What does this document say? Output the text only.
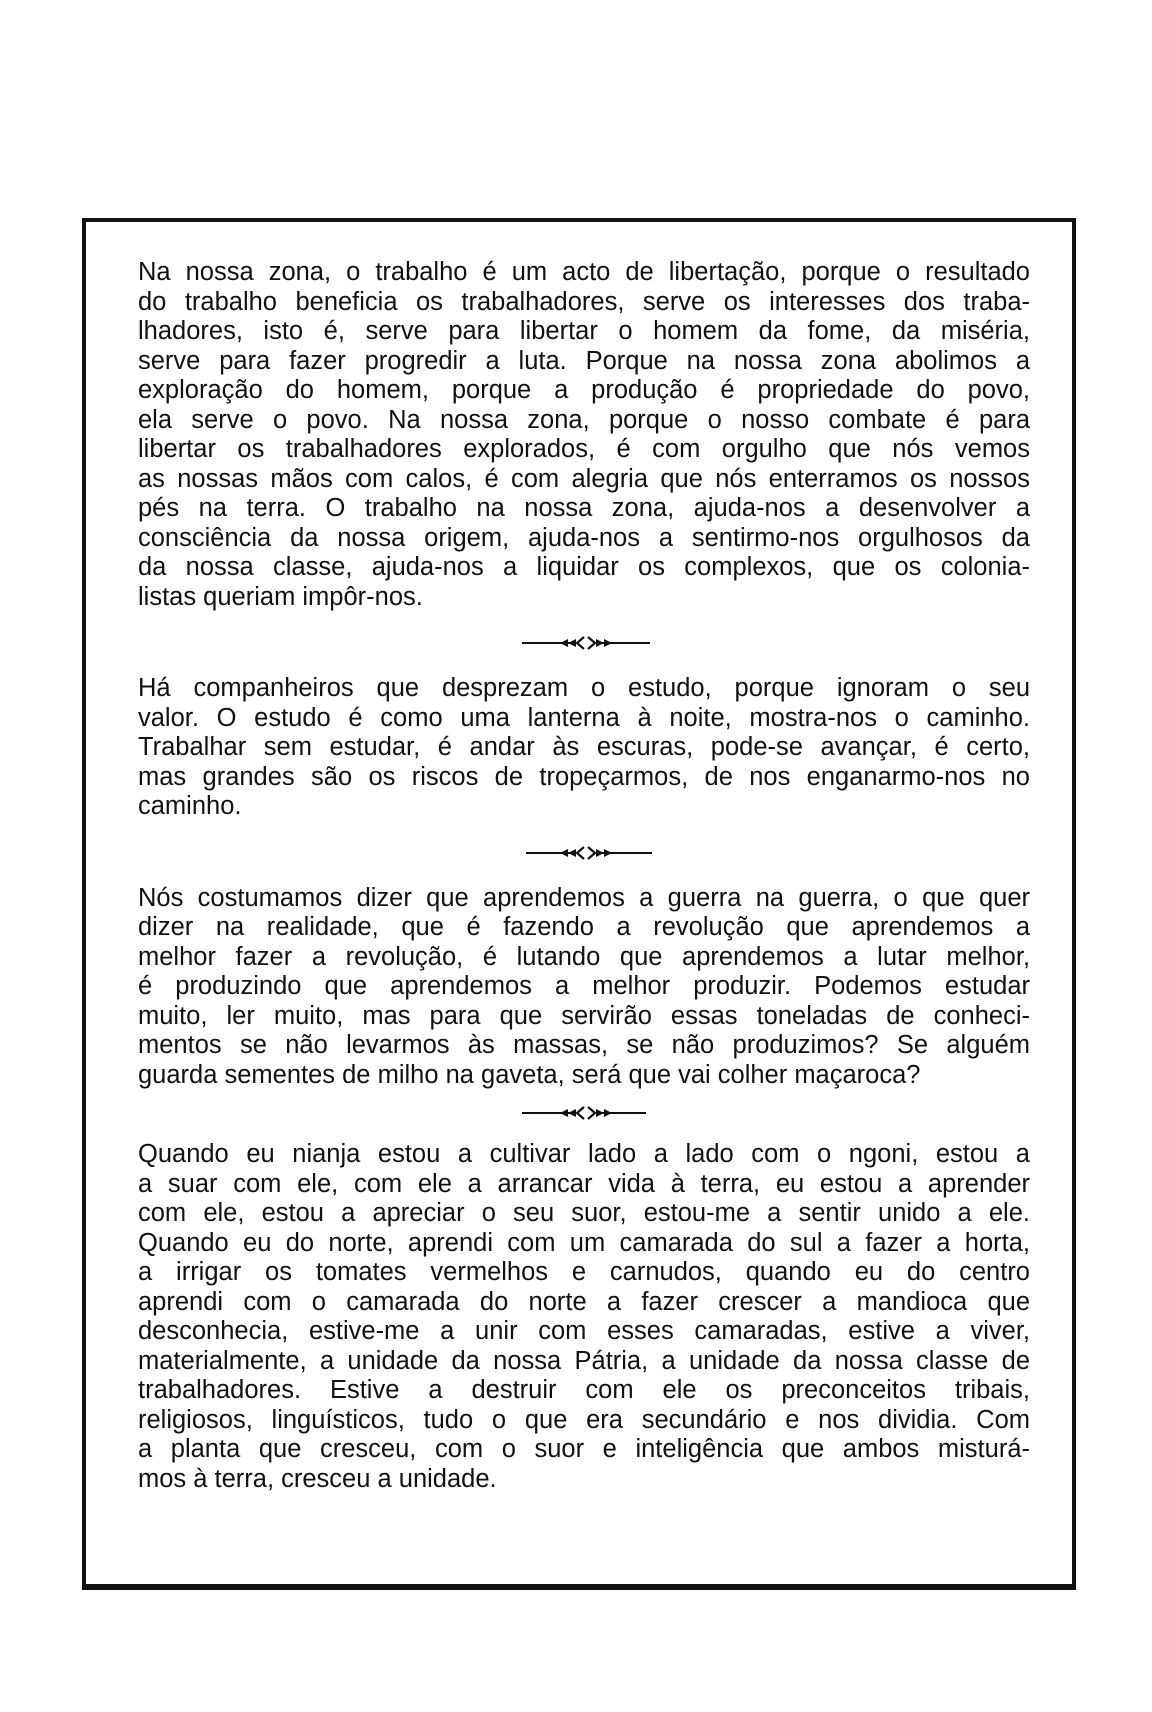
Na nossa zona, o trabalho é um acto de libertação, porque o resultado
do trabalho beneficia os trabalhadores, serve os interesses dos traba-
lhadores, isto é, serve para libertar o homem da fome, da miséria,
serve para fazer progredir a luta. Porque na nossa zona abolimos a
exploração do homem, porque a produção é propriedade do povo,
ela serve o povo. Na nossa zona, porque o nosso combate é para
libertar os trabalhadores explorados, é com orgulho que nós vemos
as nossas mãos com calos, é com alegria que nós enterramos os nossos
pés na terra. O trabalho na nossa zona, ajuda-nos a desenvolver a
consciência da nossa origem, ajuda-nos a sentirmo-nos orgulhosos da
da nossa classe, ajuda-nos a liquidar os complexos, que os colonia-
listas queriam impôr-nos.
Há companheiros que desprezam o estudo, porque ignoram o seu
valor. O estudo é como uma lanterna à noite, mostra-nos o caminho.
Trabalhar sem estudar, é andar às escuras, pode-se avançar, é certo,
mas grandes são os riscos de tropeçarmos, de nos enganarmo-nos no
caminho.
Nós costumamos dizer que aprendemos a guerra na guerra, o que quer
dizer na realidade, que é fazendo a revolução que aprendemos a
melhor fazer a revolução, é lutando que aprendemos a lutar melhor,
é produzindo que aprendemos a melhor produzir. Podemos estudar
muito, ler muito, mas para que servirão essas toneladas de conheci-
mentos se não levarmos às massas, se não produzimos? Se alguém
guarda sementes de milho na gaveta, será que vai colher maçaroca?
Quando eu nianja estou a cultivar lado a lado com o ngoni, estou a
a suar com ele, com ele a arrancar vida à terra, eu estou a aprender
com ele, estou a apreciar o seu suor, estou-me a sentir unido a ele.
Quando eu do norte, aprendi com um camarada do sul a fazer a horta,
a irrigar os tomates vermelhos e carnudos, quando eu do centro
aprendi com o camarada do norte a fazer crescer a mandioca que
desconhecia, estive-me a unir com esses camaradas, estive a viver,
materialmente, a unidade da nossa Pátria, a unidade da nossa classe de
trabalhadores. Estive a destruir com ele os preconceitos tribais,
religiosos, linguísticos, tudo o que era secundário e nos dividia. Com
a planta que cresceu, com o suor e inteligência que ambos misturá-
mos à terra, cresceu a unidade.
